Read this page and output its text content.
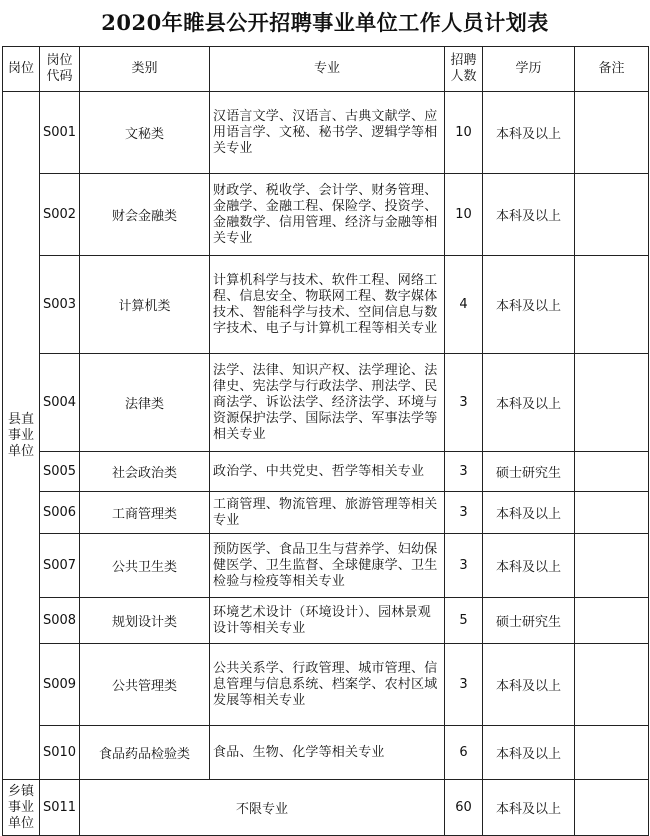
2020年睢县公开招聘事业单位工作人员计划表
岗位	岗位代码	类别	专业	招聘人数	学历	备注
县直事业单位	S001	文秘类	汉语言文学、汉语言、古典文献学、应用语言学、文秘、秘书学、逻辑学等相关专业	10	本科及以上	
	S002	财会金融类	财政学、税收学、会计学、财务管理、金融学、金融工程、保险学、投资学、金融数学、信用管理、经济与金融等相关专业	10	本科及以上	
	S003	计算机类	计算机科学与技术、软件工程、网络工程、信息安全、物联网工程、数字媒体技术、智能科学与技术、空间信息与数字技术、电子与计算机工程等相关专业	4	本科及以上	
	S004	法律类	法学、法律、知识产权、法学理论、法律史、宪法学与行政法学、刑法学、民商法学、诉讼法学、经济法学、环境与资源保护法学、国际法学、军事法学等相关专业	3	本科及以上	
	S005	社会政治类	政治学、中共党史、哲学等相关专业	3	硕士研究生	
	S006	工商管理类	工商管理、物流管理、旅游管理等相关专业	3	本科及以上	
	S007	公共卫生类	预防医学、食品卫生与营养学、妇幼保健医学、卫生监督、全球健康学、卫生检验与检疫等相关专业	3	本科及以上	
	S008	规划设计类	环境艺术设计（环境设计）、园林景观设计等相关专业	5	硕士研究生	
	S009	公共管理类	公共关系学、行政管理、城市管理、信息管理与信息系统、档案学、农村区域发展等相关专业	3	本科及以上	
	S010	食品药品检验类	食品、生物、化学等相关专业	6	本科及以上	
乡镇事业单位	S011	不限专业		60	本科及以上	
